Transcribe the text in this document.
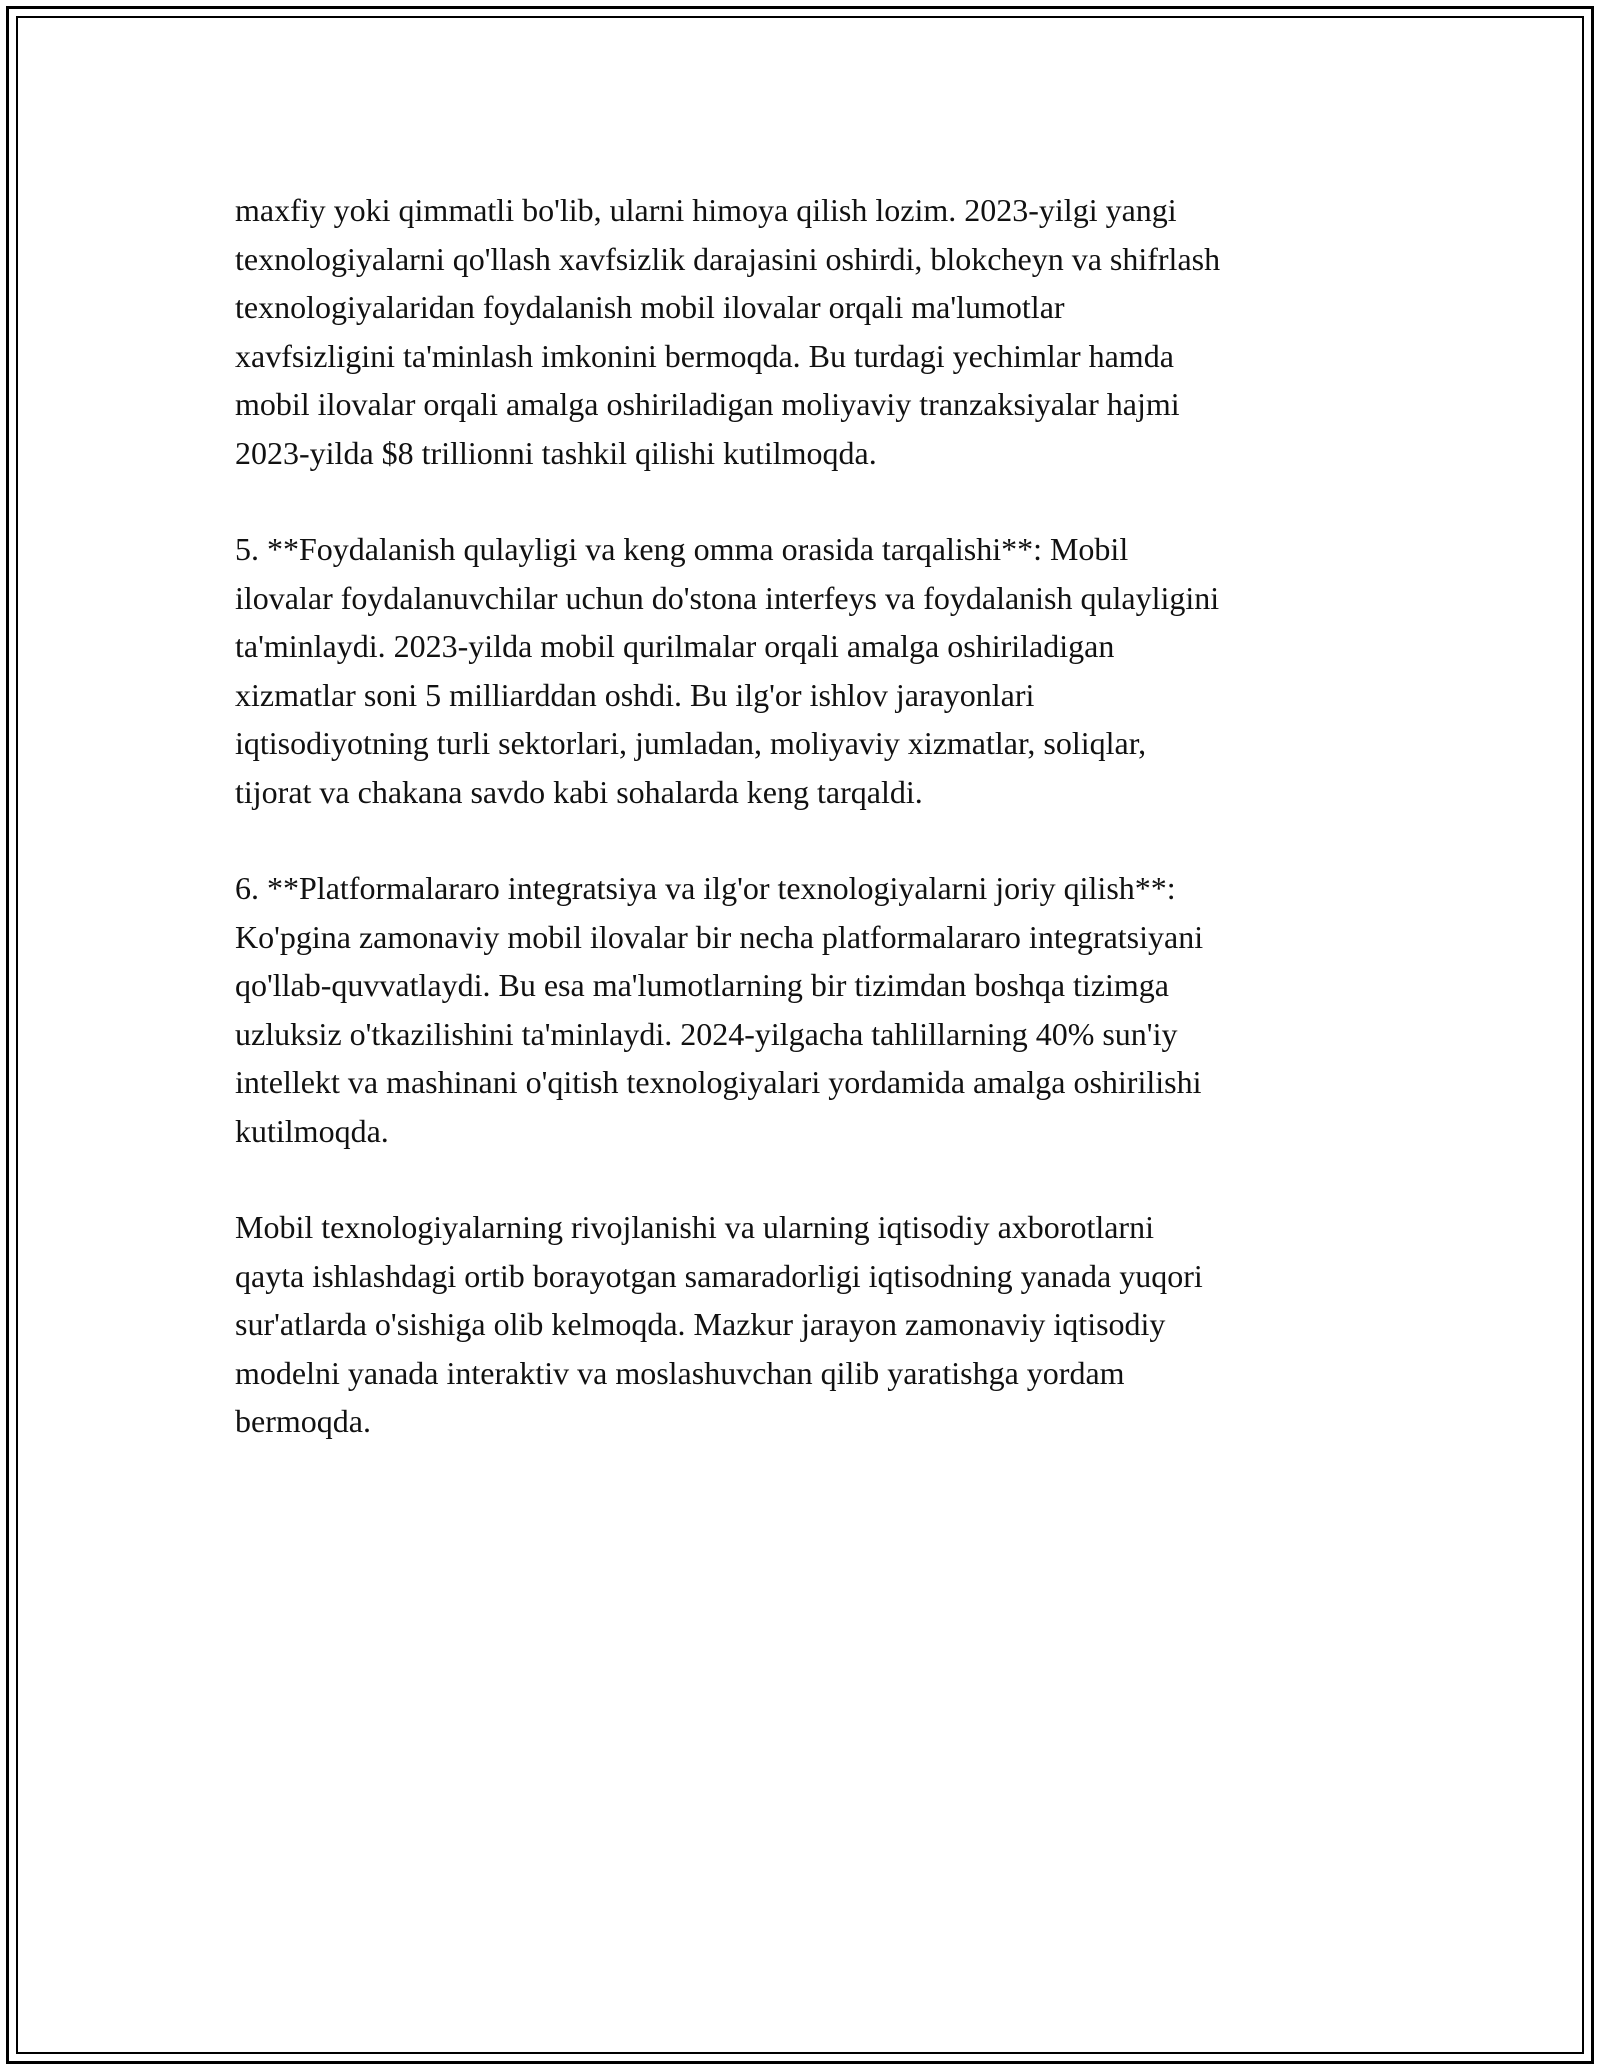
maxfiy yoki qimmatli bo'lib, ularni himoya qilish lozim. 2023-yilgi yangi
texnologiyalarni qo'llash xavfsizlik darajasini oshirdi, blokcheyn va shifrlash
texnologiyalaridan foydalanish mobil ilovalar orqali ma'lumotlar
xavfsizligini ta'minlash imkonini bermoqda. Bu turdagi yechimlar hamda
mobil ilovalar orqali amalga oshiriladigan moliyaviy tranzaksiyalar hajmi
2023-yilda $8 trillionni tashkil qilishi kutilmoqda.

5. **Foydalanish qulayligi va keng omma orasida tarqalishi**: Mobil
ilovalar foydalanuvchilar uchun do'stona interfeys va foydalanish qulayligini
ta'minlaydi. 2023-yilda mobil qurilmalar orqali amalga oshiriladigan
xizmatlar soni 5 milliarddan oshdi. Bu ilg'or ishlov jarayonlari
iqtisodiyotning turli sektorlari, jumladan, moliyaviy xizmatlar, soliqlar,
tijorat va chakana savdo kabi sohalarda keng tarqaldi.

6. **Platformalararo integratsiya va ilg'or texnologiyalarni joriy qilish**:
Ko'pgina zamonaviy mobil ilovalar bir necha platformalararo integratsiyani
qo'llab-quvvatlaydi. Bu esa ma'lumotlarning bir tizimdan boshqa tizimga
uzluksiz o'tkazilishini ta'minlaydi. 2024-yilgacha tahlillarning 40% sun'iy
intellekt va mashinani o'qitish texnologiyalari yordamida amalga oshirilishi
kutilmoqda.

Mobil texnologiyalarning rivojlanishi va ularning iqtisodiy axborotlarni
qayta ishlashdagi ortib borayotgan samaradorligi iqtisodning yanada yuqori
sur'atlarda o'sishiga olib kelmoqda. Mazkur jarayon zamonaviy iqtisodiy
modelni yanada interaktiv va moslashuvchan qilib yaratishga yordam
bermoqda.
